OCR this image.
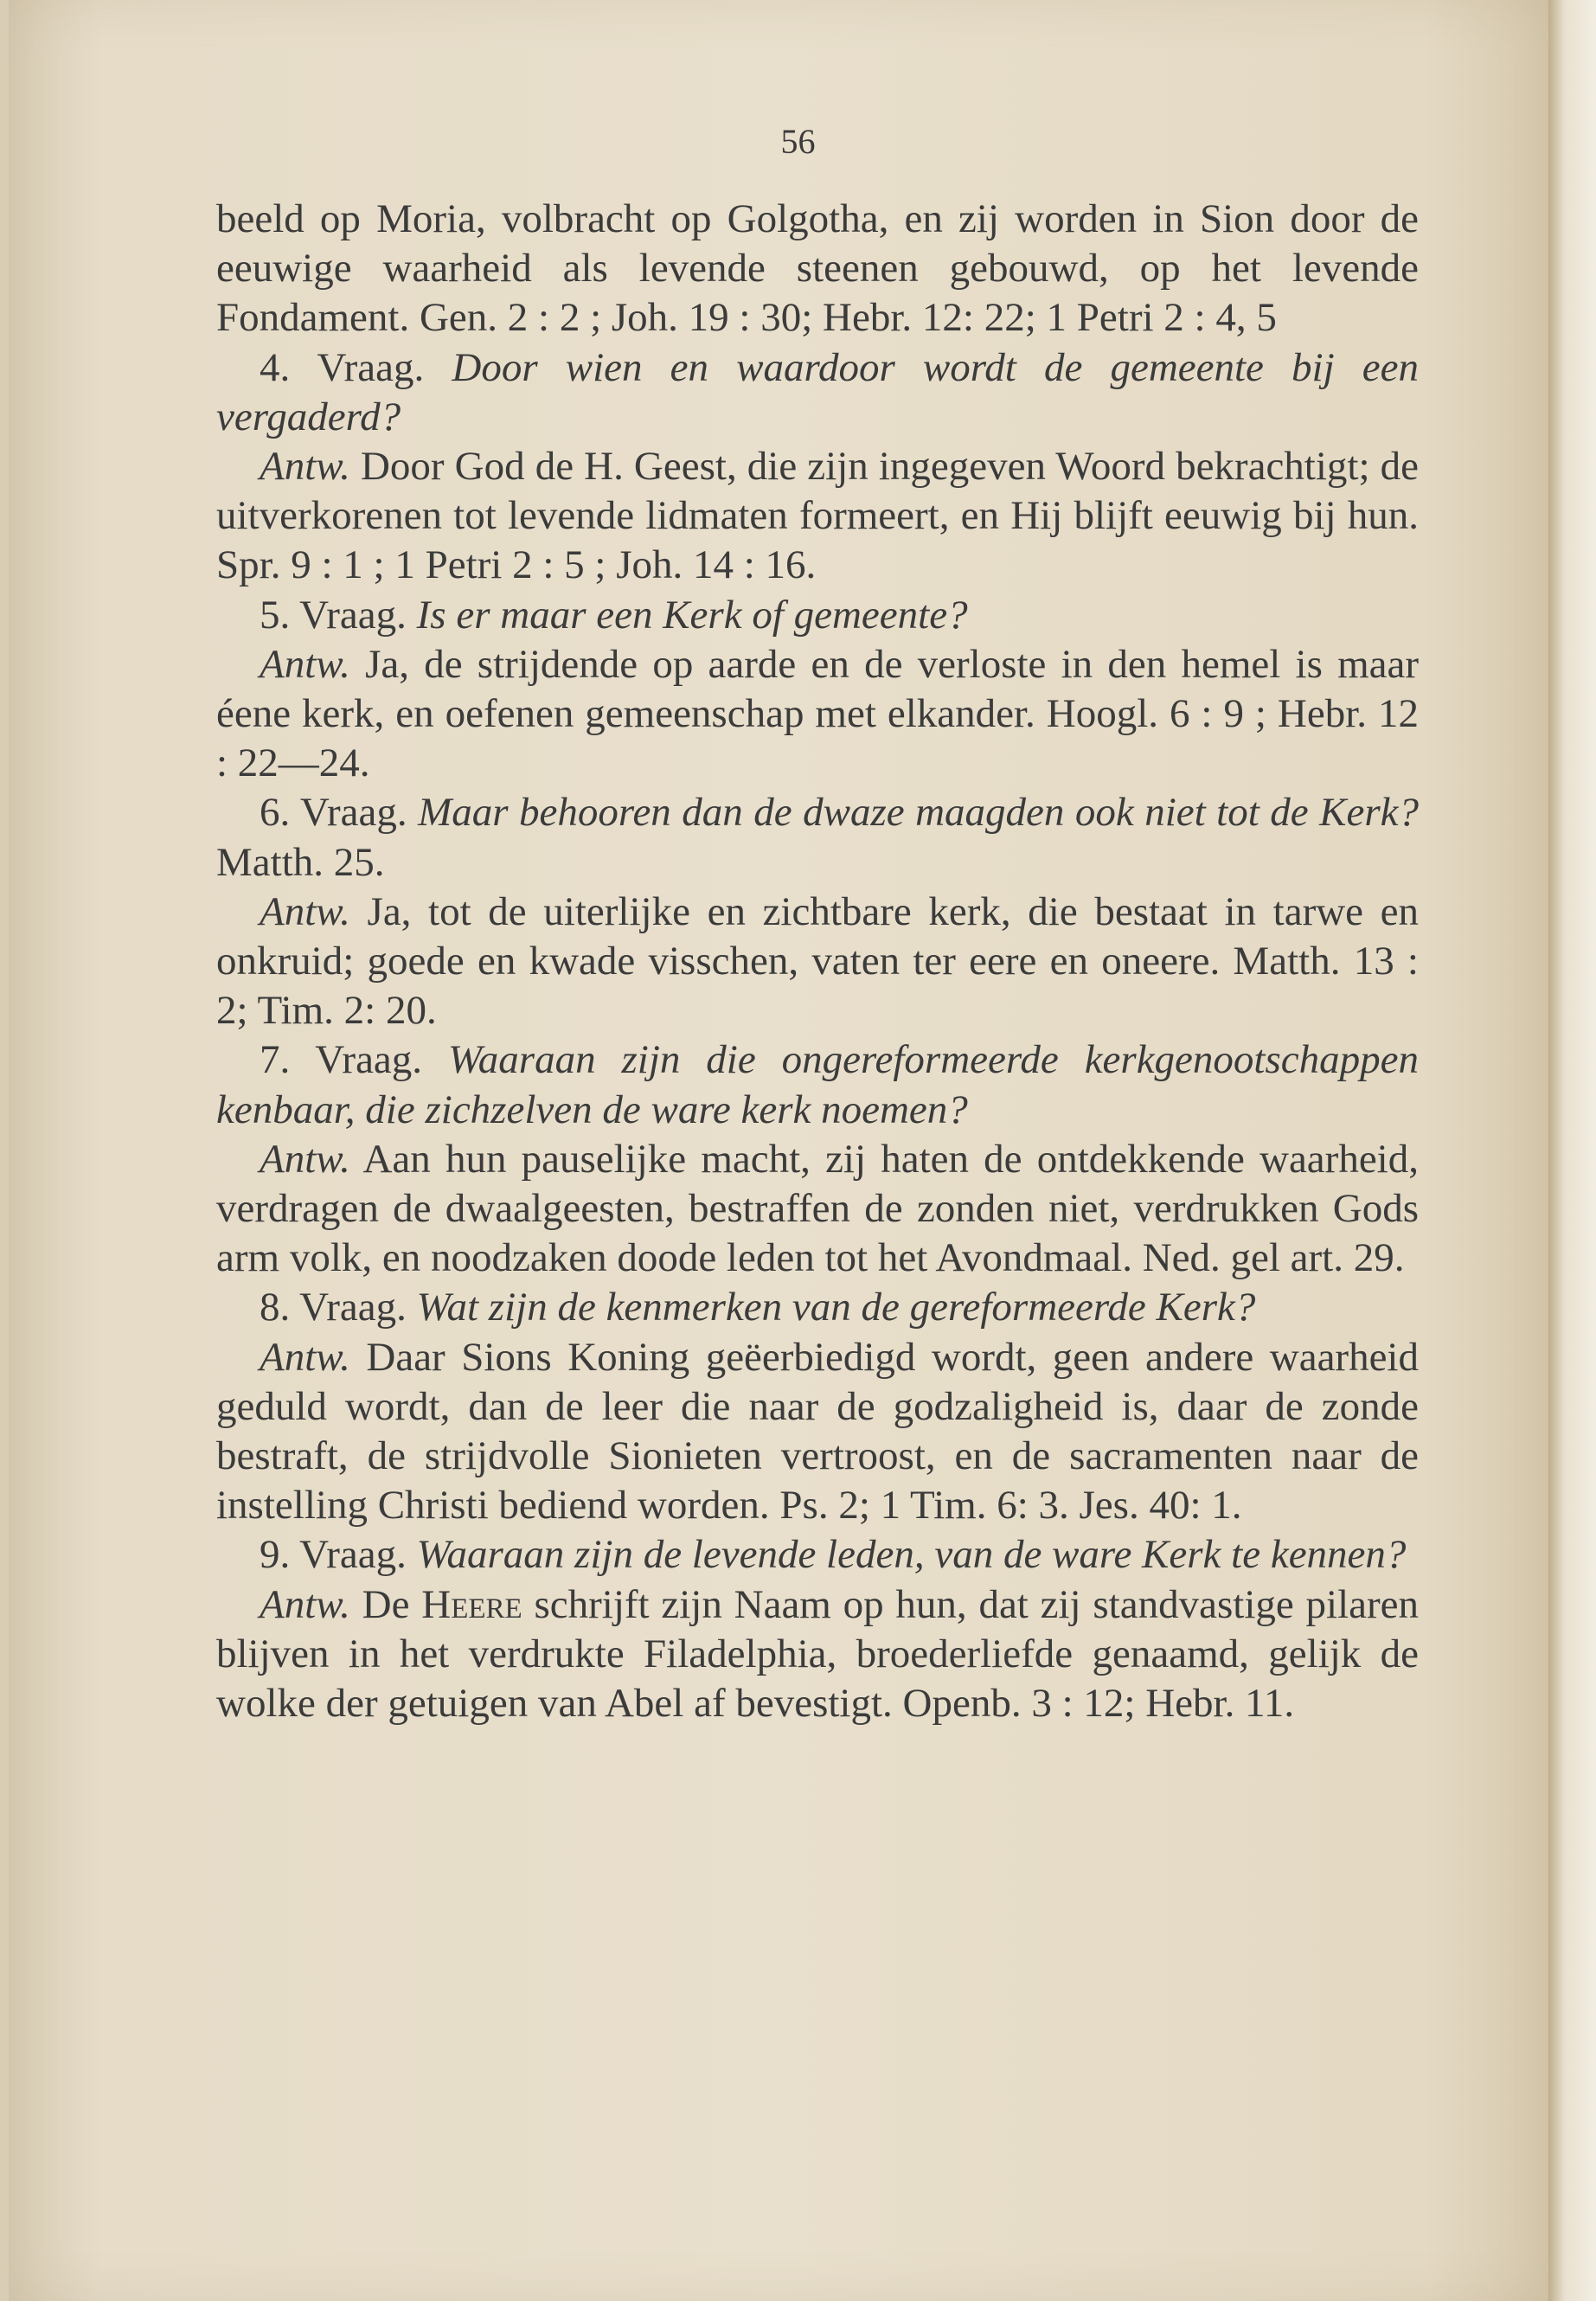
56

beeld op Moria, volbracht op Golgotha, en zij worden in Sion door de eeuwige waarheid als levende steenen gebouwd, op het levende Fondament. Gen. 2 : 2 ; Joh. 19 : 30; Hebr. 12: 22; 1 Petri 2 : 4, 5

4. Vraag. Door wien en waardoor wordt de gemeente bij een vergaderd?

Antw. Door God de H. Geest, die zijn ingegeven Woord bekrachtigt; de uitverkorenen tot levende lidmaten formeert, en Hij blijft eeuwig bij hun. Spr. 9 : 1 ; 1 Petri 2 : 5 ; Joh. 14 : 16.

5. Vraag. Is er maar een Kerk of gemeente?

Antw. Ja, de strijdende op aarde en de verloste in den hemel is maar éene kerk, en oefenen gemeenschap met elkander. Hoogl. 6 : 9 ; Hebr. 12 : 22—24.

6. Vraag. Maar behooren dan de dwaze maagden ook niet tot de Kerk? Matth. 25.

Antw. Ja, tot de uiterlijke en zichtbare kerk, die bestaat in tarwe en onkruid; goede en kwade visschen, vaten ter eere en oneere. Matth. 13 : 2; Tim. 2: 20.

7. Vraag. Waaraan zijn die ongereformeerde kerkgenootschappen kenbaar, die zichzelven de ware kerk noemen?

Antw. Aan hun pauselijke macht, zij haten de ontdekkende waarheid, verdragen de dwaalgeesten, bestraffen de zonden niet, verdrukken Gods arm volk, en noodzaken doode leden tot het Avondmaal. Ned. gel art. 29.

8. Vraag. Wat zijn de kenmerken van de gereformeerde Kerk?

Antw. Daar Sions Koning geëerbiedigd wordt, geen andere waarheid geduld wordt, dan de leer die naar de godzaligheid is, daar de zonde bestraft, de strijdvolle Sionieten vertroost, en de sacramenten naar de instelling Christi bediend worden. Ps. 2; 1 Tim. 6: 3. Jes. 40: 1.

9. Vraag. Waaraan zijn de levende leden, van de ware Kerk te kennen?

Antw. De Heere schrijft zijn Naam op hun, dat zij standvastige pilaren blijven in het verdrukte Filadelphia, broederliefde genaamd, gelijk de wolke der getuigen van Abel af bevestigt. Openb. 3 : 12; Hebr. 11.
